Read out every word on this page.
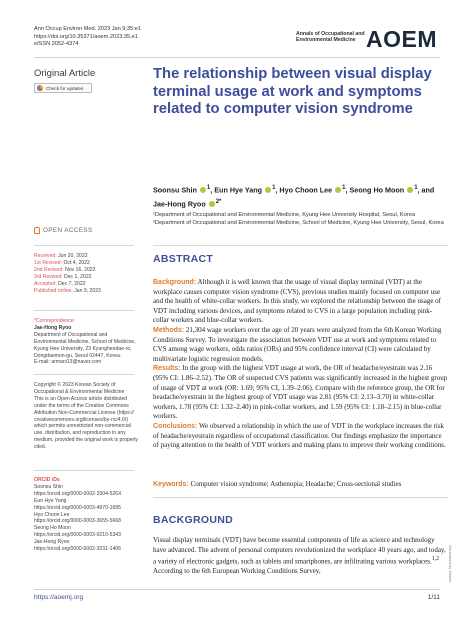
Ann Occup Environ Med. 2023 Jan 9;35:e1
https://doi.org/10.35371/aoem.2023.35.e1
eISSN 2052-4374
Annals of Occupational and
Environmental Medicine AOEM
Original Article
Check for updates
The relationship between visual display terminal usage at work and symptoms related to computer vision syndrome
Soonsu Shin $^1$, Eun Hye Yang $^1$, Hyo Choon Lee $^1$, Seong Ho Moon $^1$, and
Jae-Hong Ryoo $^{2*}$
¹Department of Occupational and Environmental Medicine, Kyung Hee University Hospital, Seoul, Korea
²Department of Occupational and Environmental Medicine, School of Medicine, Kyung Hee University, Seoul, Korea
OPEN ACCESS
Received: Jun 20, 2022
1st Revised: Oct 4, 2022
2nd Revised: Nov 16, 2022
3rd Revised: Dec 1, 2022
Accepted: Dec 7, 2022
Published online: Jan 9, 2023
*Correspondence:
Jae-Hong Ryoo
Department of Occupational and
Environmental Medicine, School of Medicine,
Kyung Hee University, 23 Kyungheedae-ro,
Dongdaemun-gu, Seoul 02447, Korea.
E-mail: armani13@naver.com
Copyright © 2023 Korean Society of
Occupational & Environmental Medicine
This is an Open Access article distributed
under the terms of the Creative Commons
Attribution Non-Commercial License (https://
creativecommons.org/licenses/by-nc/4.0/)
which permits unrestricted non-commercial
use, distribution, and reproduction in any
medium, provided the original work is properly
cited.
ORCID iDs
Soonsu Shin
https://orcid.org/0000-0002-3304-526X
Eun Hye Yang
https://orcid.org/0000-0003-4970-1695
Hyo Choon Lee
https://orcid.org/0000-0003-3655-5668
Seong Ho Moon
https://orcid.org/0000-0003-0210-5343
Jae-Hong Ryoo
https://orcid.org/0000-0002-3231-1406
ABSTRACT

Background: Although it is well known that the usage of visual display terminal (VDT) at the workplace causes computer vision syndrome (CVS), previous studies mainly focused on computer use and the health of white-collar workers. In this study, we explored the relationship between the usage of VDT including various devices, and symptoms related to CVS in a large population including pink-collar workers and blue-collar workers.

Methods: 21,304 wage workers over the age of 20 years were analyzed from the 6th Korean Working Conditions Survey. To investigate the association between VDT use at work and symptoms related to CVS among wage workers, odds ratios (ORs) and 95% confidence interval (CI) were calculated by multivariate logistic regression models.

Results: In the group with the highest VDT usage at work, the OR of headache/eyestrain was 2.16 (95% CI: 1.86–2.52). The OR of suspected CVS patients was significantly increased in the highest group of usage of VDT at work (OR: 1.69; 95% CI, 1.39–2.06). Compare with the reference group, the OR for headache/eyestrain in the highest group of VDT usage was 2.81 (95% CI: 2.13–3.70) in white-collar workers, 1.78 (95% CI: 1.32–2.40) in pink-collar workers, and 1.59 (95% CI: 1.18–2.15) in blue-collar workers.

Conclusions: We observed a relationship in which the use of VDT in the workplace increases the risk of headache/eyestrain regardless of occupational classification. Our findings emphasize the importance of paying attention to the health of VDT workers and making plans to improve their working conditions.

Keywords: Computer vision syndrome; Asthenopia; Headache; Cross-sectional studies
BACKGROUND
Visual display terminals (VDT) have become essential components of life as science and technology have advanced. The advent of personal computers revolutionized the workplace 40 years ago, and today, a variety of electronic gadgets, such as tablets and smartphones, are infiltrating various workplaces.$^{1,2}$ According to the 6th European Working Conditions Survey,	Generated by Xmlink
https://aoemj.org	1/11
